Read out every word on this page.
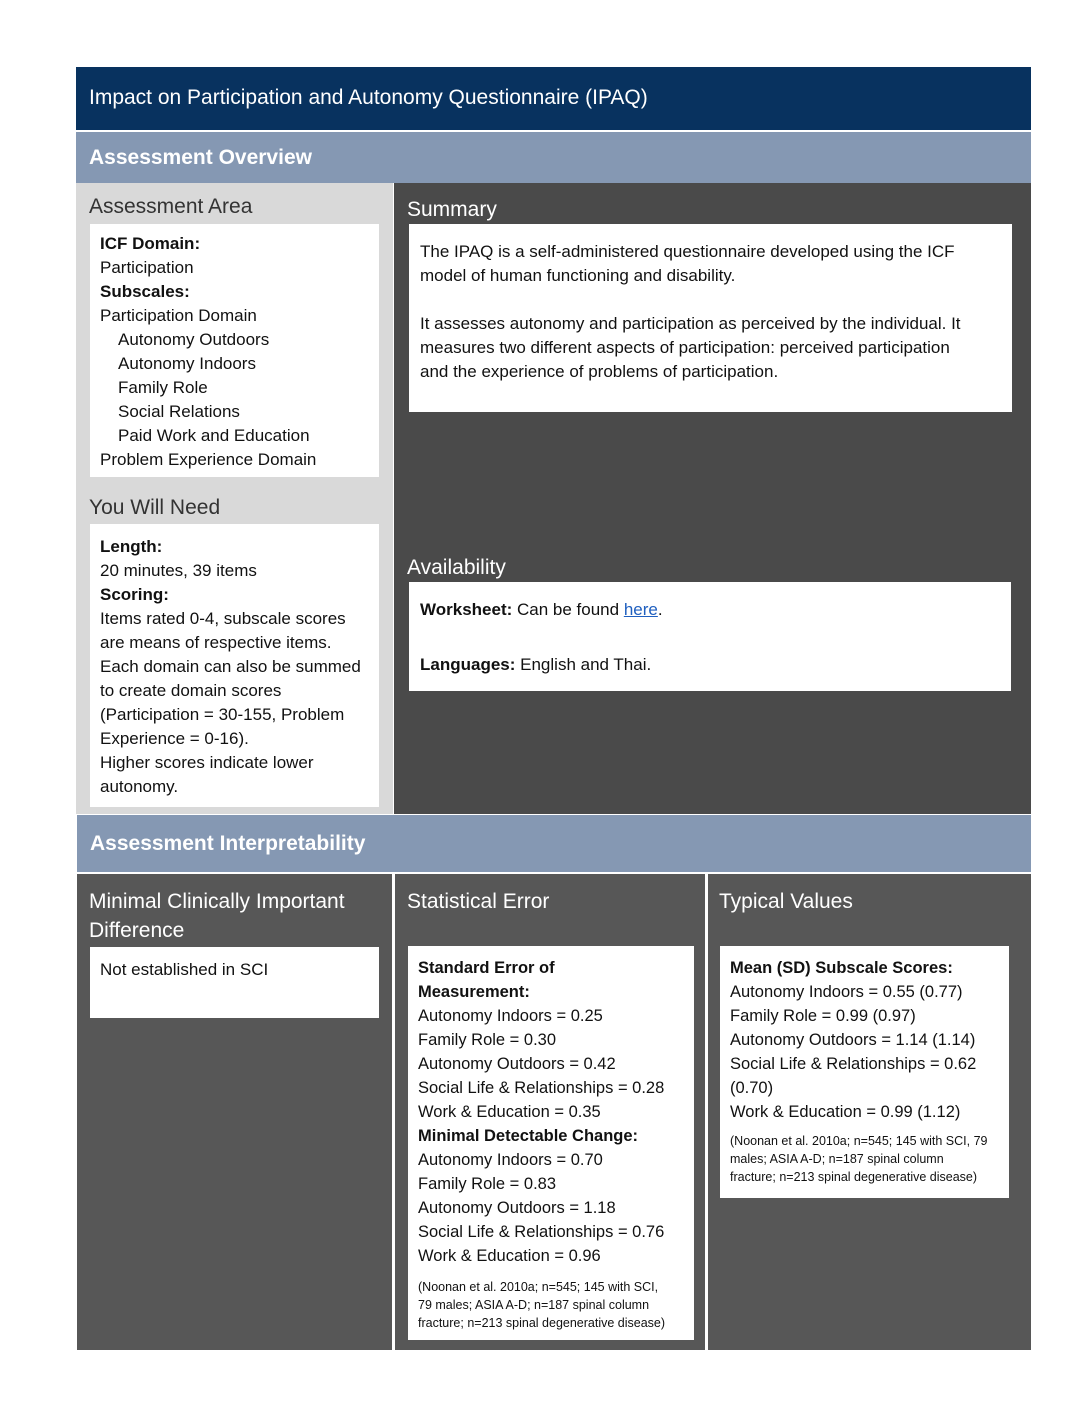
Impact on Participation and Autonomy Questionnaire (IPAQ)
Assessment Overview
Assessment Area
ICF Domain:
Participation
Subscales:
Participation Domain
Autonomy Outdoors
Autonomy Indoors
Family Role
Social Relations
Paid Work and Education
Problem Experience Domain
You Will Need
Length:
20 minutes, 39 items
Scoring:
Items rated 0-4, subscale scores
are means of respective items.
Each domain can also be summed
to create domain scores
(Participation = 30-155, Problem
Experience = 0-16).
Higher scores indicate lower
autonomy.
Summary
The IPAQ is a self-administered questionnaire developed using the ICF
model of human functioning and disability.

It assesses autonomy and participation as perceived by the individual. It
measures two different aspects of participation: perceived participation
and the experience of problems of participation.
Availability
Worksheet: Can be found here.
Languages: English and Thai.
Assessment Interpretability
Minimal Clinically Important
Difference
Not established in SCI
Statistical Error
Standard Error of
Measurement:
Autonomy Indoors = 0.25
Family Role = 0.30
Autonomy Outdoors = 0.42
Social Life & Relationships = 0.28
Work & Education = 0.35
Minimal Detectable Change:
Autonomy Indoors = 0.70
Family Role = 0.83
Autonomy Outdoors = 1.18
Social Life & Relationships = 0.76
Work & Education = 0.96
(Noonan et al. 2010a; n=545; 145 with SCI,
79 males; ASIA A-D; n=187 spinal column
fracture; n=213 spinal degenerative disease)
Typical Values
Mean (SD) Subscale Scores:
Autonomy Indoors = 0.55 (0.77)
Family Role = 0.99 (0.97)
Autonomy Outdoors = 1.14 (1.14)
Social Life & Relationships = 0.62
(0.70)
Work & Education = 0.99 (1.12)
(Noonan et al. 2010a; n=545; 145 with SCI, 79
males; ASIA A-D; n=187 spinal column
fracture; n=213 spinal degenerative disease)
